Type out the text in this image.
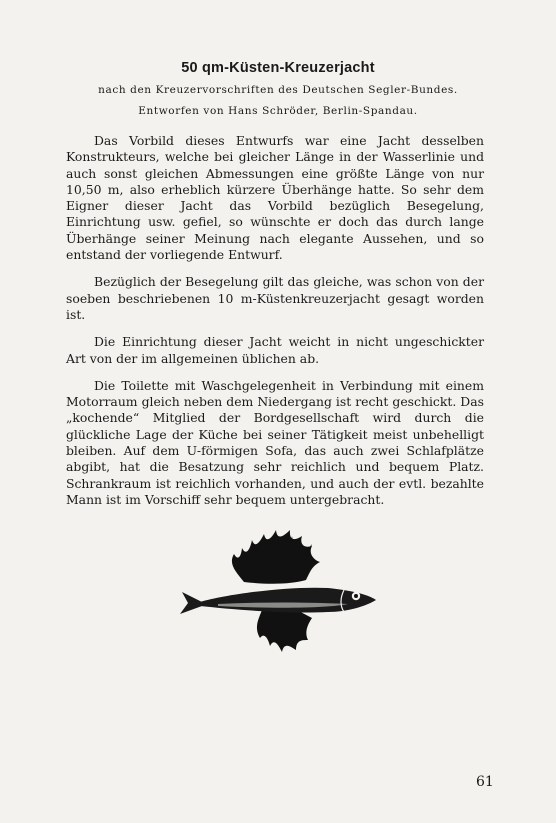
50 qm-Küsten-Kreuzerjacht
nach den Kreuzervorschriften des Deutschen Segler-Bundes.
Entworfen von Hans Schröder, Berlin-Spandau.

Das Vorbild dieses Entwurfs war eine Jacht desselben Konstrukteurs, welche bei gleicher Länge in der Wasserlinie und auch sonst gleichen Abmessungen eine größte Länge von nur 10,50 m, also erheblich kürzere Überhänge hatte. So sehr dem Eigner dieser Jacht das Vorbild bezüglich Besegelung, Einrichtung usw. gefiel, so wünschte er doch das durch lange Überhänge seiner Meinung nach elegante Aussehen, und so entstand der vorliegende Entwurf.

Bezüglich der Besegelung gilt das gleiche, was schon von der soeben beschriebenen 10 m-Küstenkreuzerjacht gesagt worden ist.

Die Einrichtung dieser Jacht weicht in nicht ungeschickter Art von der im allgemeinen üblichen ab.

Die Toilette mit Waschgelegenheit in Verbindung mit einem Motorraum gleich neben dem Niedergang ist recht geschickt. Das „kochende“ Mitglied der Bordgesellschaft wird durch die glückliche Lage der Küche bei seiner Tätigkeit meist unbehelligt bleiben. Auf dem U-förmigen Sofa, das auch zwei Schlafplätze abgibt, hat die Besatzung sehr reichlich und bequem Platz. Schrankraum ist reichlich vorhanden, und auch der evtl. bezahlte Mann ist im Vorschiff sehr bequem untergebracht.

61
